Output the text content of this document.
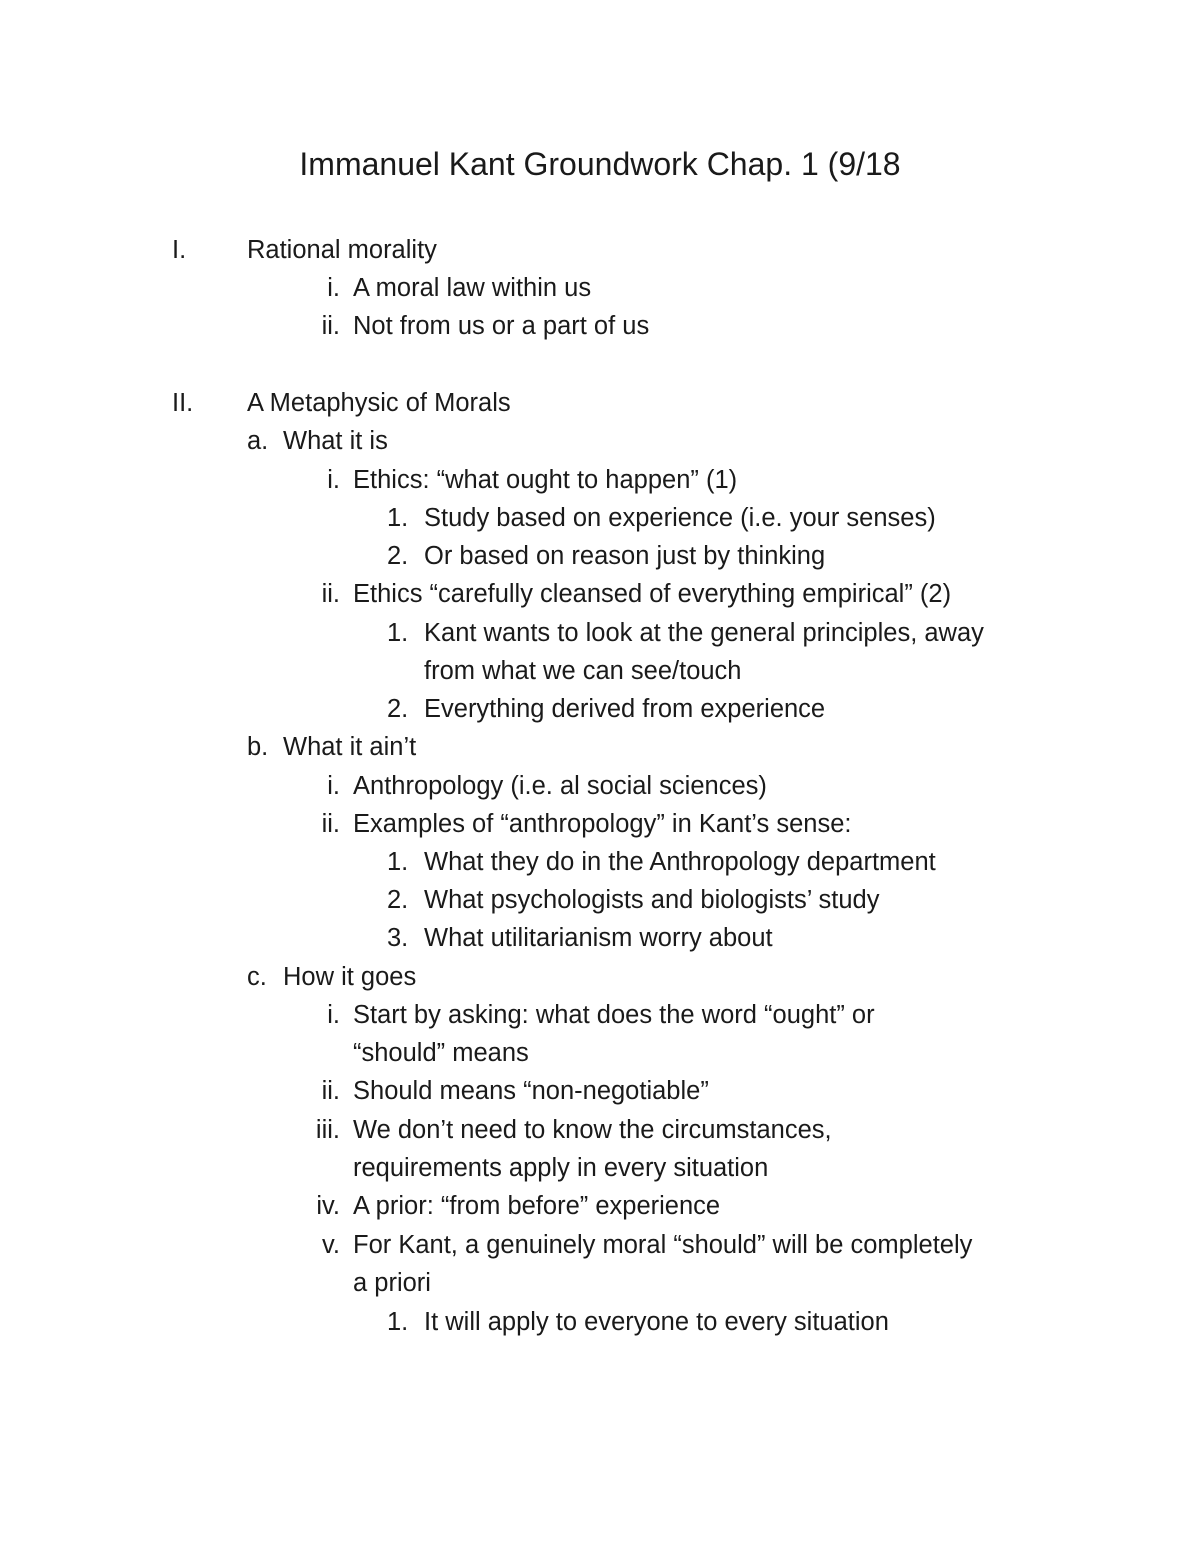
Immanuel Kant Groundwork Chap. 1 (9/18
I. Rational morality
i. A moral law within us
ii. Not from us or a part of us
II. A Metaphysic of Morals
a. What it is
i. Ethics: “what ought to happen” (1)
1. Study based on experience (i.e. your senses)
2. Or based on reason just by thinking
ii. Ethics “carefully cleansed of everything empirical” (2)
1. Kant wants to look at the general principles, away
from what we can see/touch
2. Everything derived from experience
b. What it ain’t
i. Anthropology (i.e. al social sciences)
ii. Examples of “anthropology” in Kant’s sense:
1. What they do in the Anthropology department
2. What psychologists and biologists’ study
3. What utilitarianism worry about
c. How it goes
i. Start by asking: what does the word “ought” or
“should” means
ii. Should means “non-negotiable”
iii. We don’t need to know the circumstances,
requirements apply in every situation
iv. A prior: “from before” experience
v. For Kant, a genuinely moral “should” will be completely
a priori
1. It will apply to everyone to every situation
